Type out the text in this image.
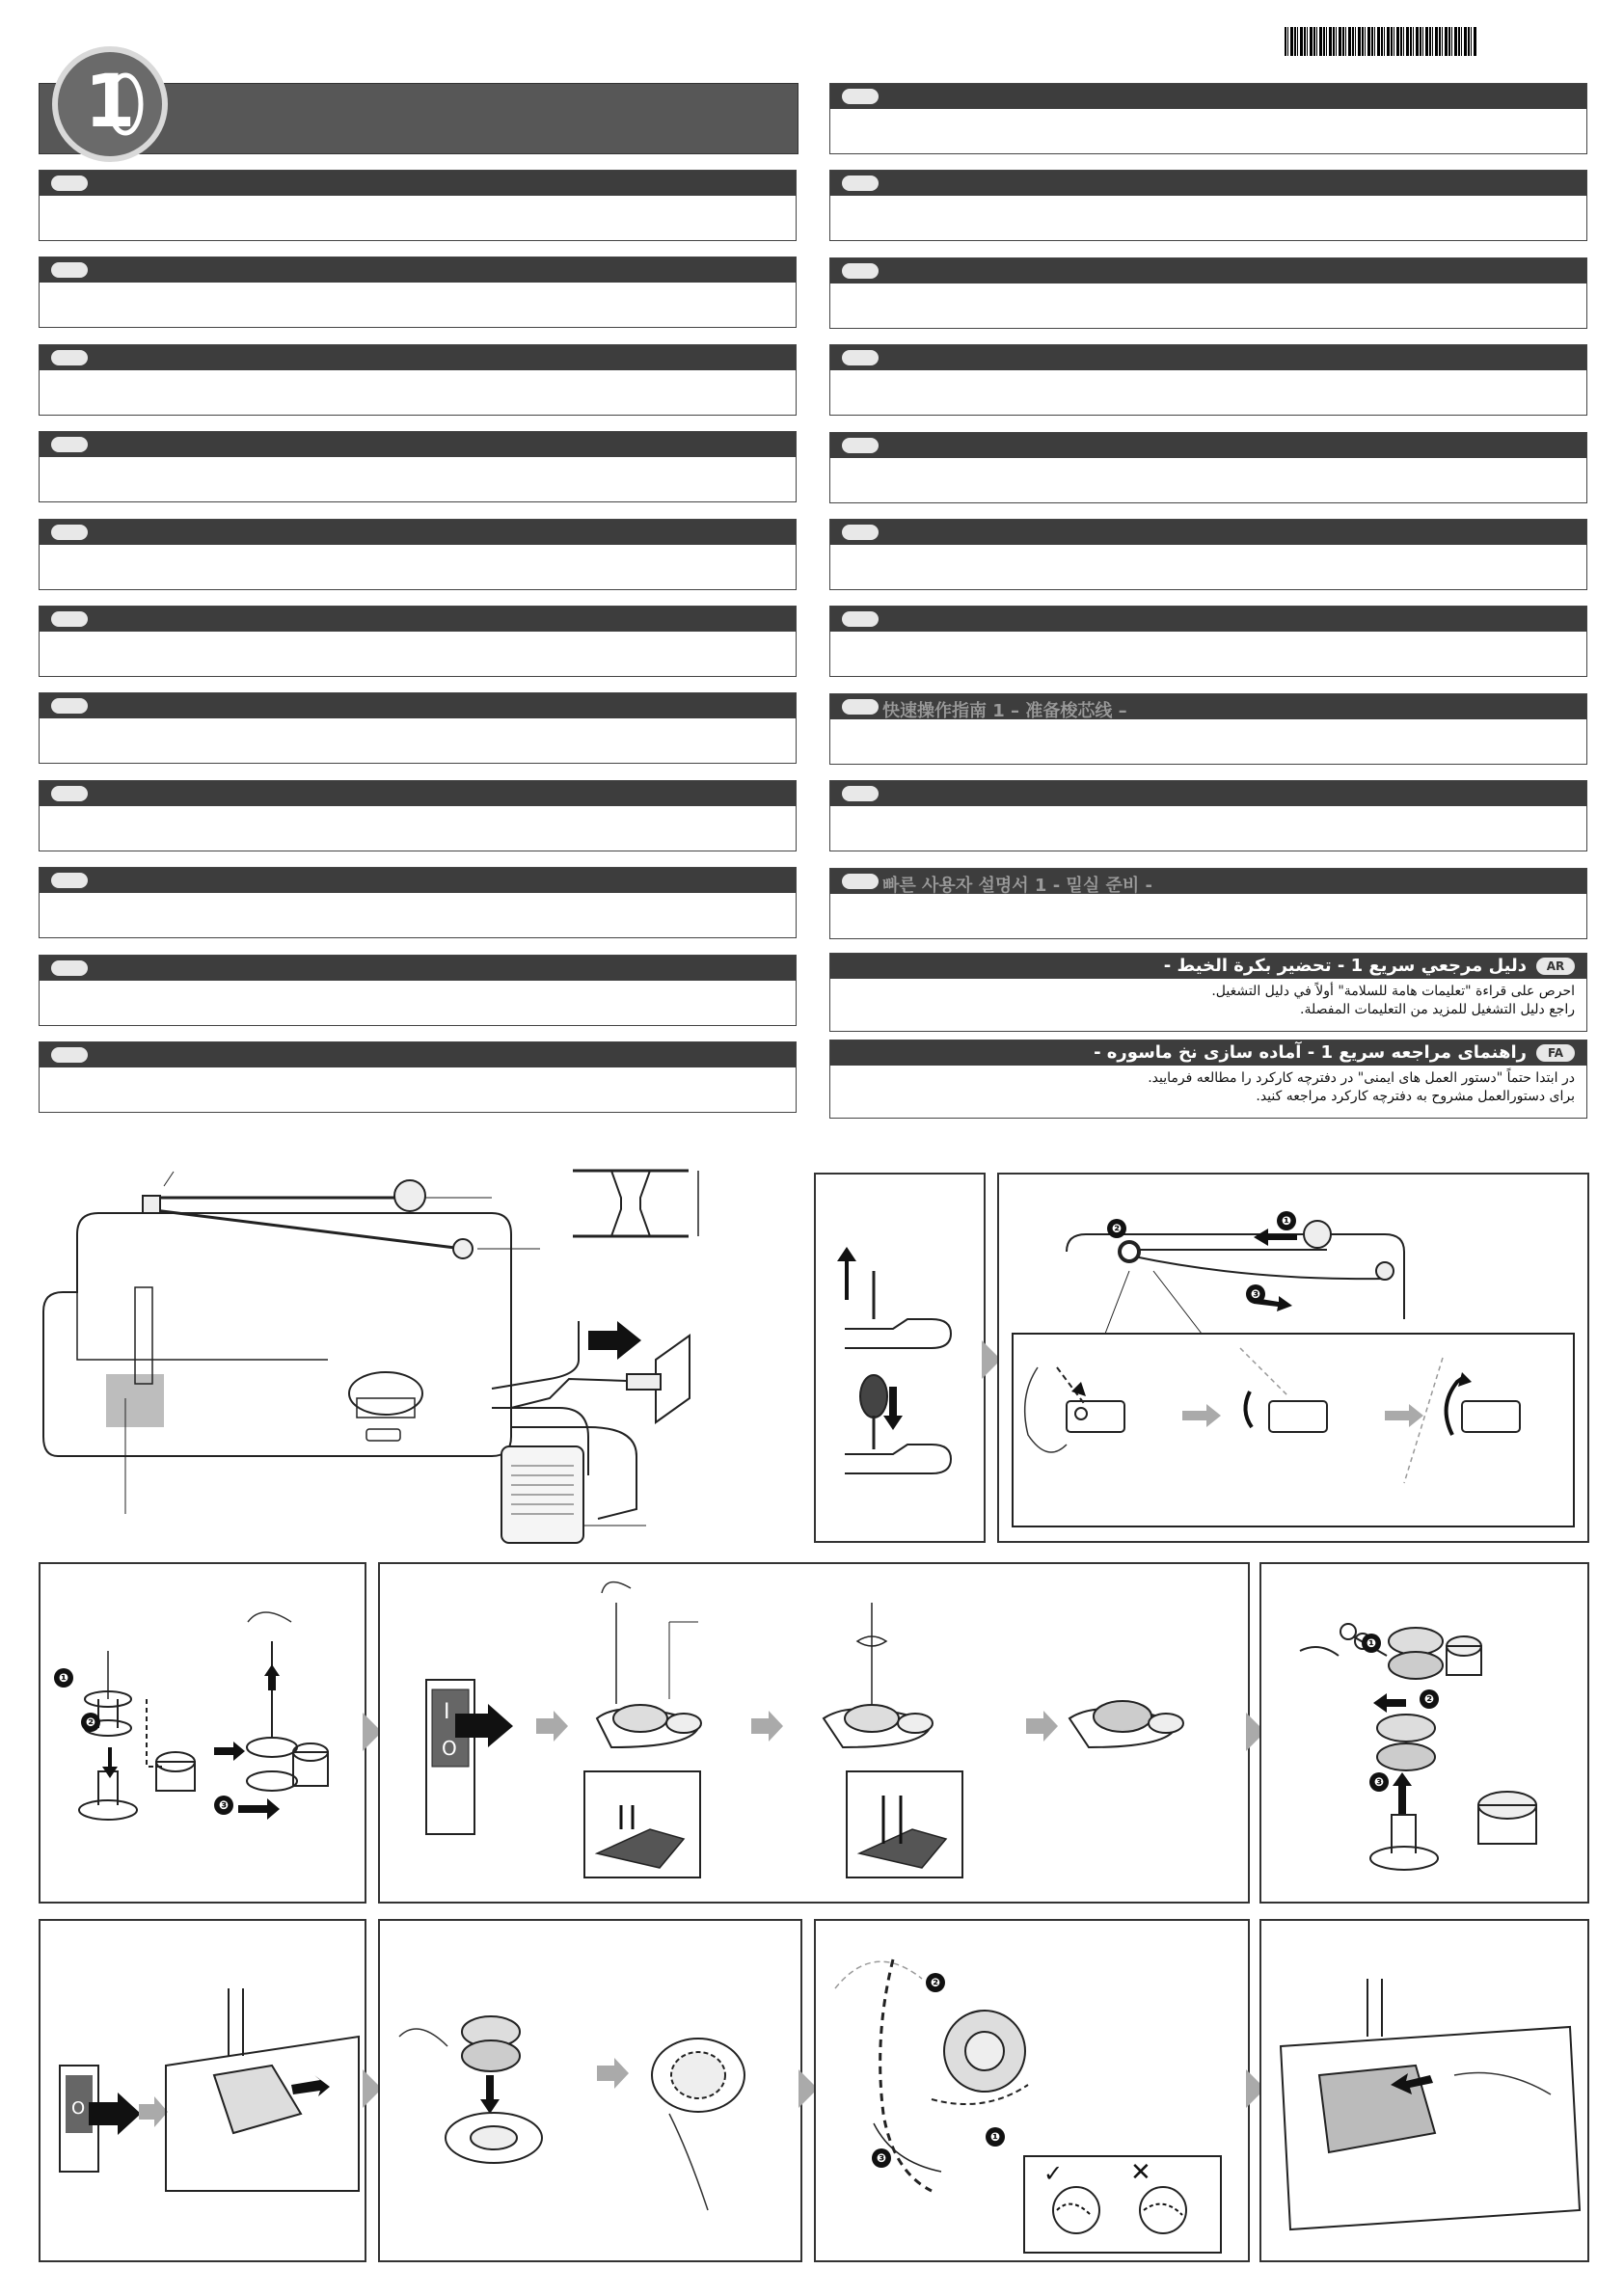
1
快速操作指南 1 – 准备梭芯线 –
빠른 사용자 설명서 1 - 밑실 준비 -
AR
دليل مرجعي سريع 1 - تحضير بكرة الخيط -
احرص على قراءة "تعليمات هامة للسلامة" أولاً في دليل التشغيل.
راجع دليل التشغيل للمزيد من التعليمات المفصلة.
FA
راهنمای مراجعه سریع 1 - آماده سازی نخ ماسوره -
در ابتدا حتماً "دستور العمل های ایمنی" در دفترچه کارکرد را مطالعه فرمایید.
برای دستورالعمل مشروح به دفترچه کارکرد مراجعه کنید.
❷
❶
❸
❶
❷
❸
I
O
❶
❷
❸
O
❷
❸
❶
✓	✕
